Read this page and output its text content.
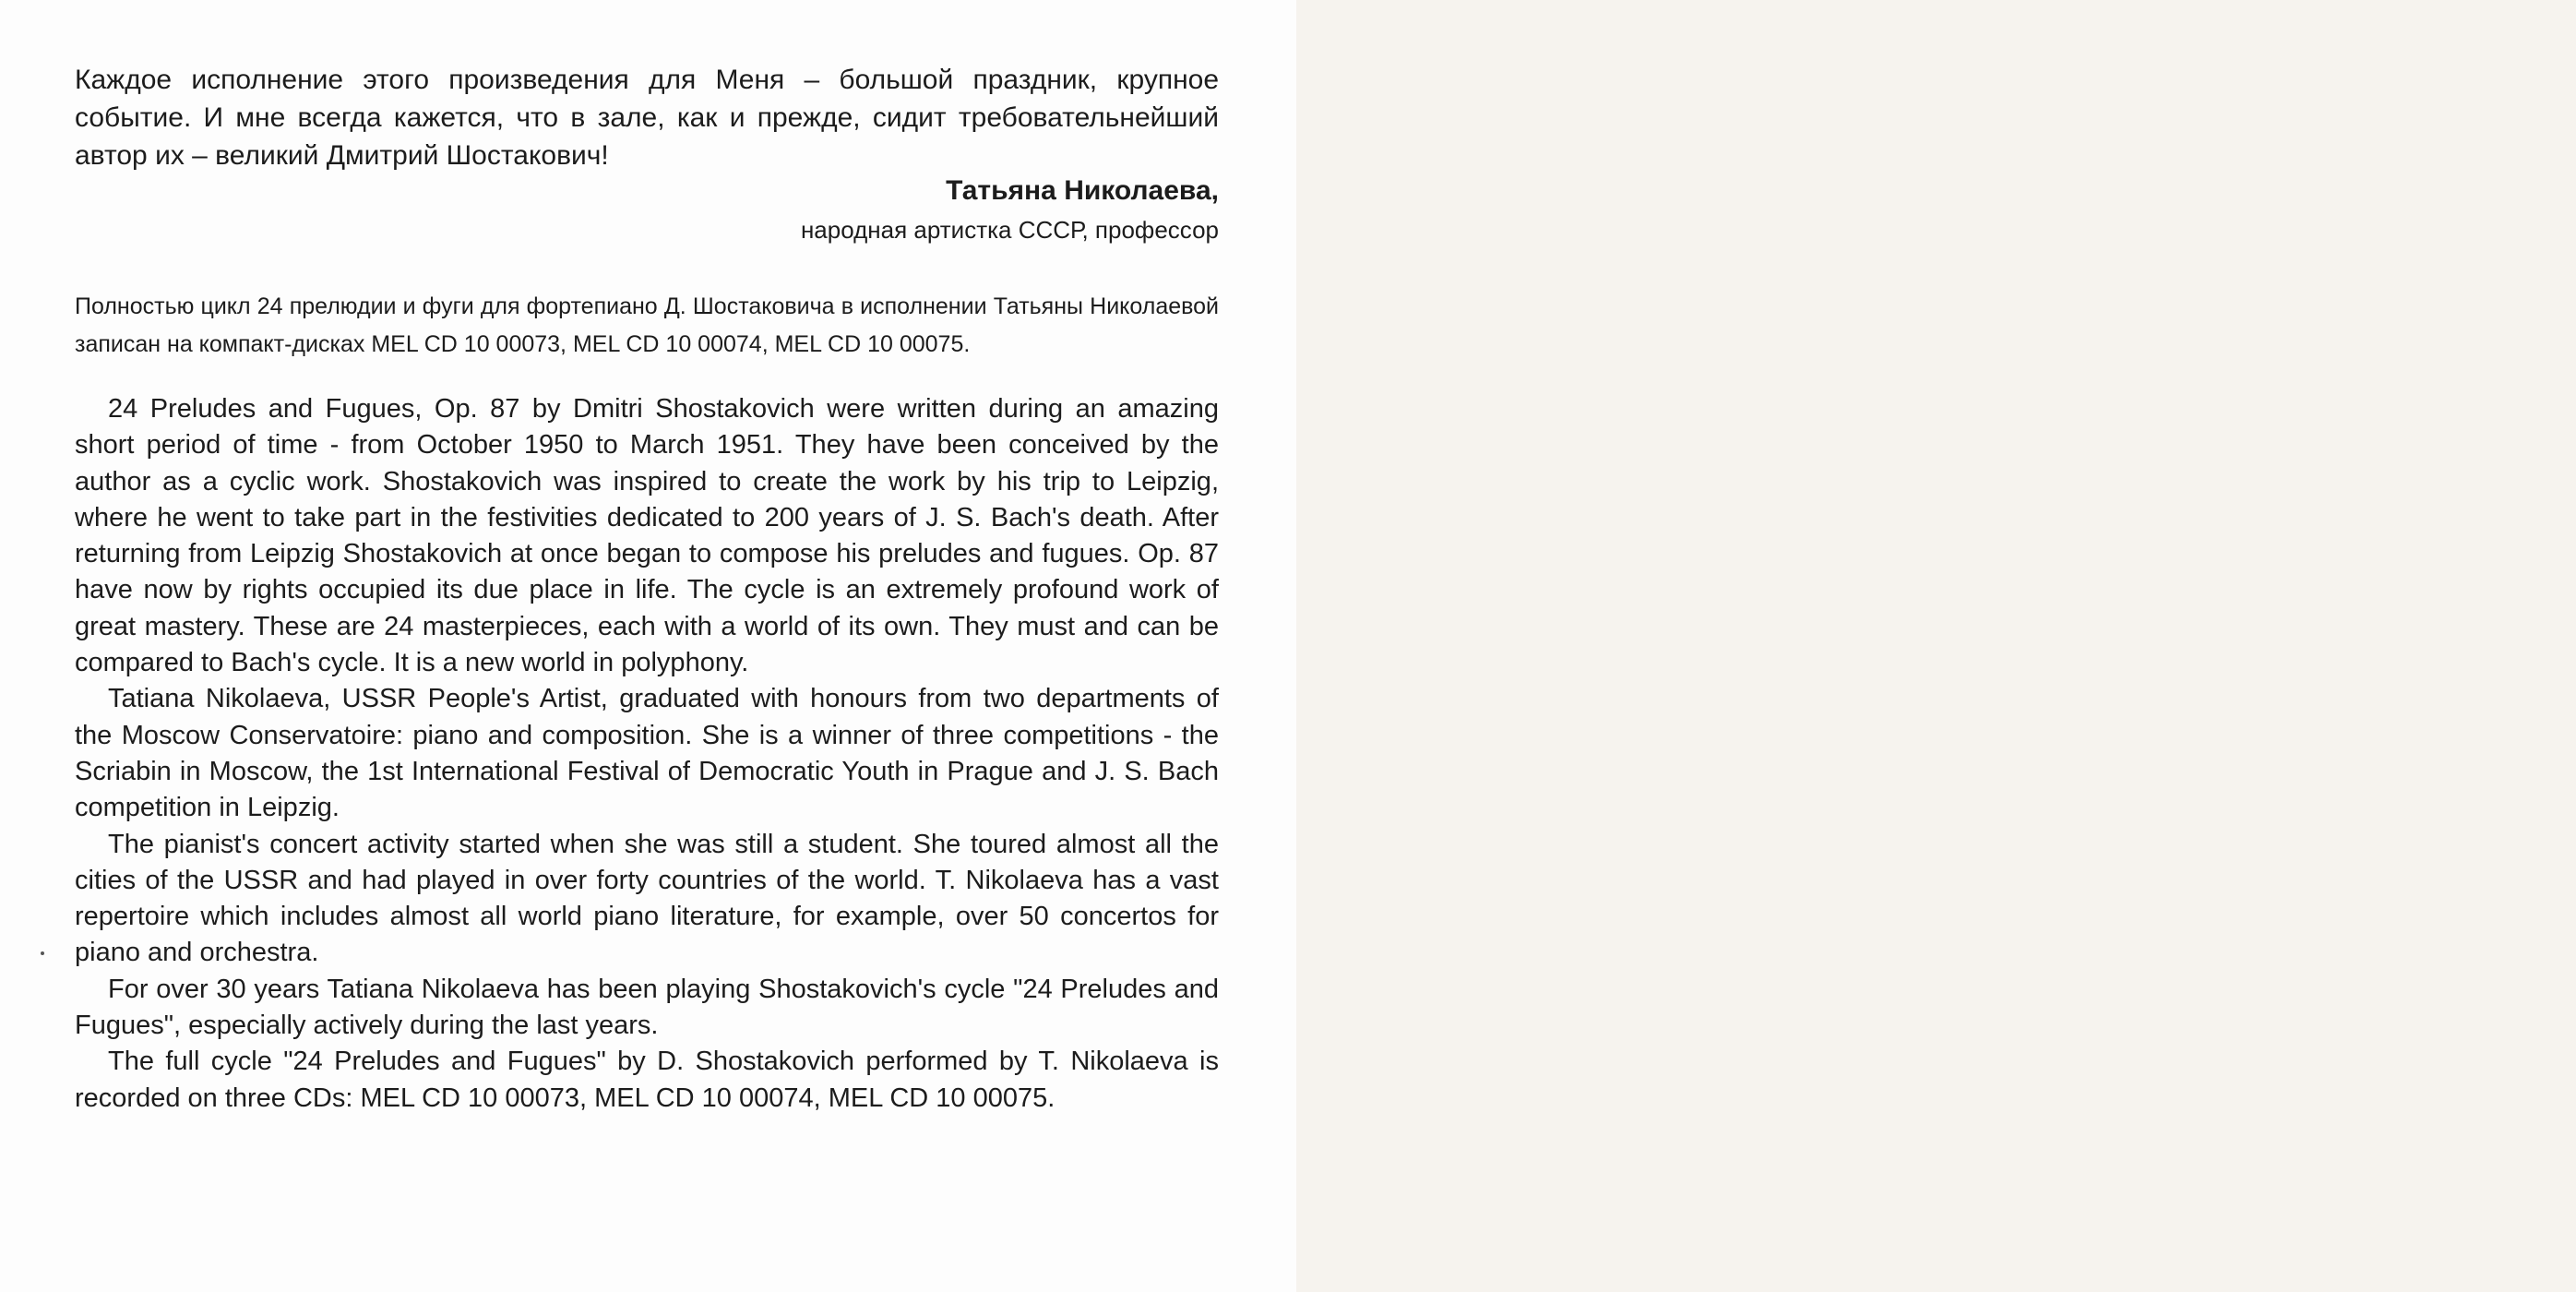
Каждое исполнение этого произведения для Меня – большой праздник, крупное событие. И мне всегда кажется, что в зале, как и прежде, сидит требовательнейший автор их – великий Дмитрий Шостакович!

Татьяна Николаева,
народная артистка СССР, профессор

Полностью цикл 24 прелюдии и фуги для фортепиано Д. Шостаковича в исполнении Татьяны Николаевой записан на компакт-дисках MEL CD 10 00073, MEL CD 10 00074, MEL CD 10 00075.

24 Preludes and Fugues, Op. 87 by Dmitri Shostakovich were written during an amazing short period of time - from October 1950 to March 1951. They have been conceived by the author as a cyclic work. Shostakovich was inspired to create the work by his trip to Leipzig, where he went to take part in the festivities dedicated to 200 years of J. S. Bach's death. After returning from Leipzig Shostakovich at once began to compose his preludes and fugues. Op. 87 have now by rights occupied its due place in life. The cycle is an extremely profound work of great mastery. These are 24 masterpieces, each with a world of its own. They must and can be compared to Bach's cycle. It is a new world in polyphony.

Tatiana Nikolaeva, USSR People's Artist, graduated with honours from two departments of the Moscow Conservatoire: piano and composition. She is a winner of three competitions - the Scriabin in Moscow, the 1st International Festival of Democratic Youth in Prague and J. S. Bach competition in Leipzig.

The pianist's concert activity started when she was still a student. She toured almost all the cities of the USSR and had played in over forty countries of the world. T. Nikolaeva has a vast repertoire which includes almost all world piano literature, for example, over 50 concertos for piano and orchestra.

For over 30 years Tatiana Nikolaeva has been playing Shostakovich's cycle "24 Preludes and Fugues", especially actively during the last years.

The full cycle "24 Preludes and Fugues" by D. Shostakovich performed by T. Nikolaeva is recorded on three CDs: MEL CD 10 00073, MEL CD 10 00074, MEL CD 10 00075.
